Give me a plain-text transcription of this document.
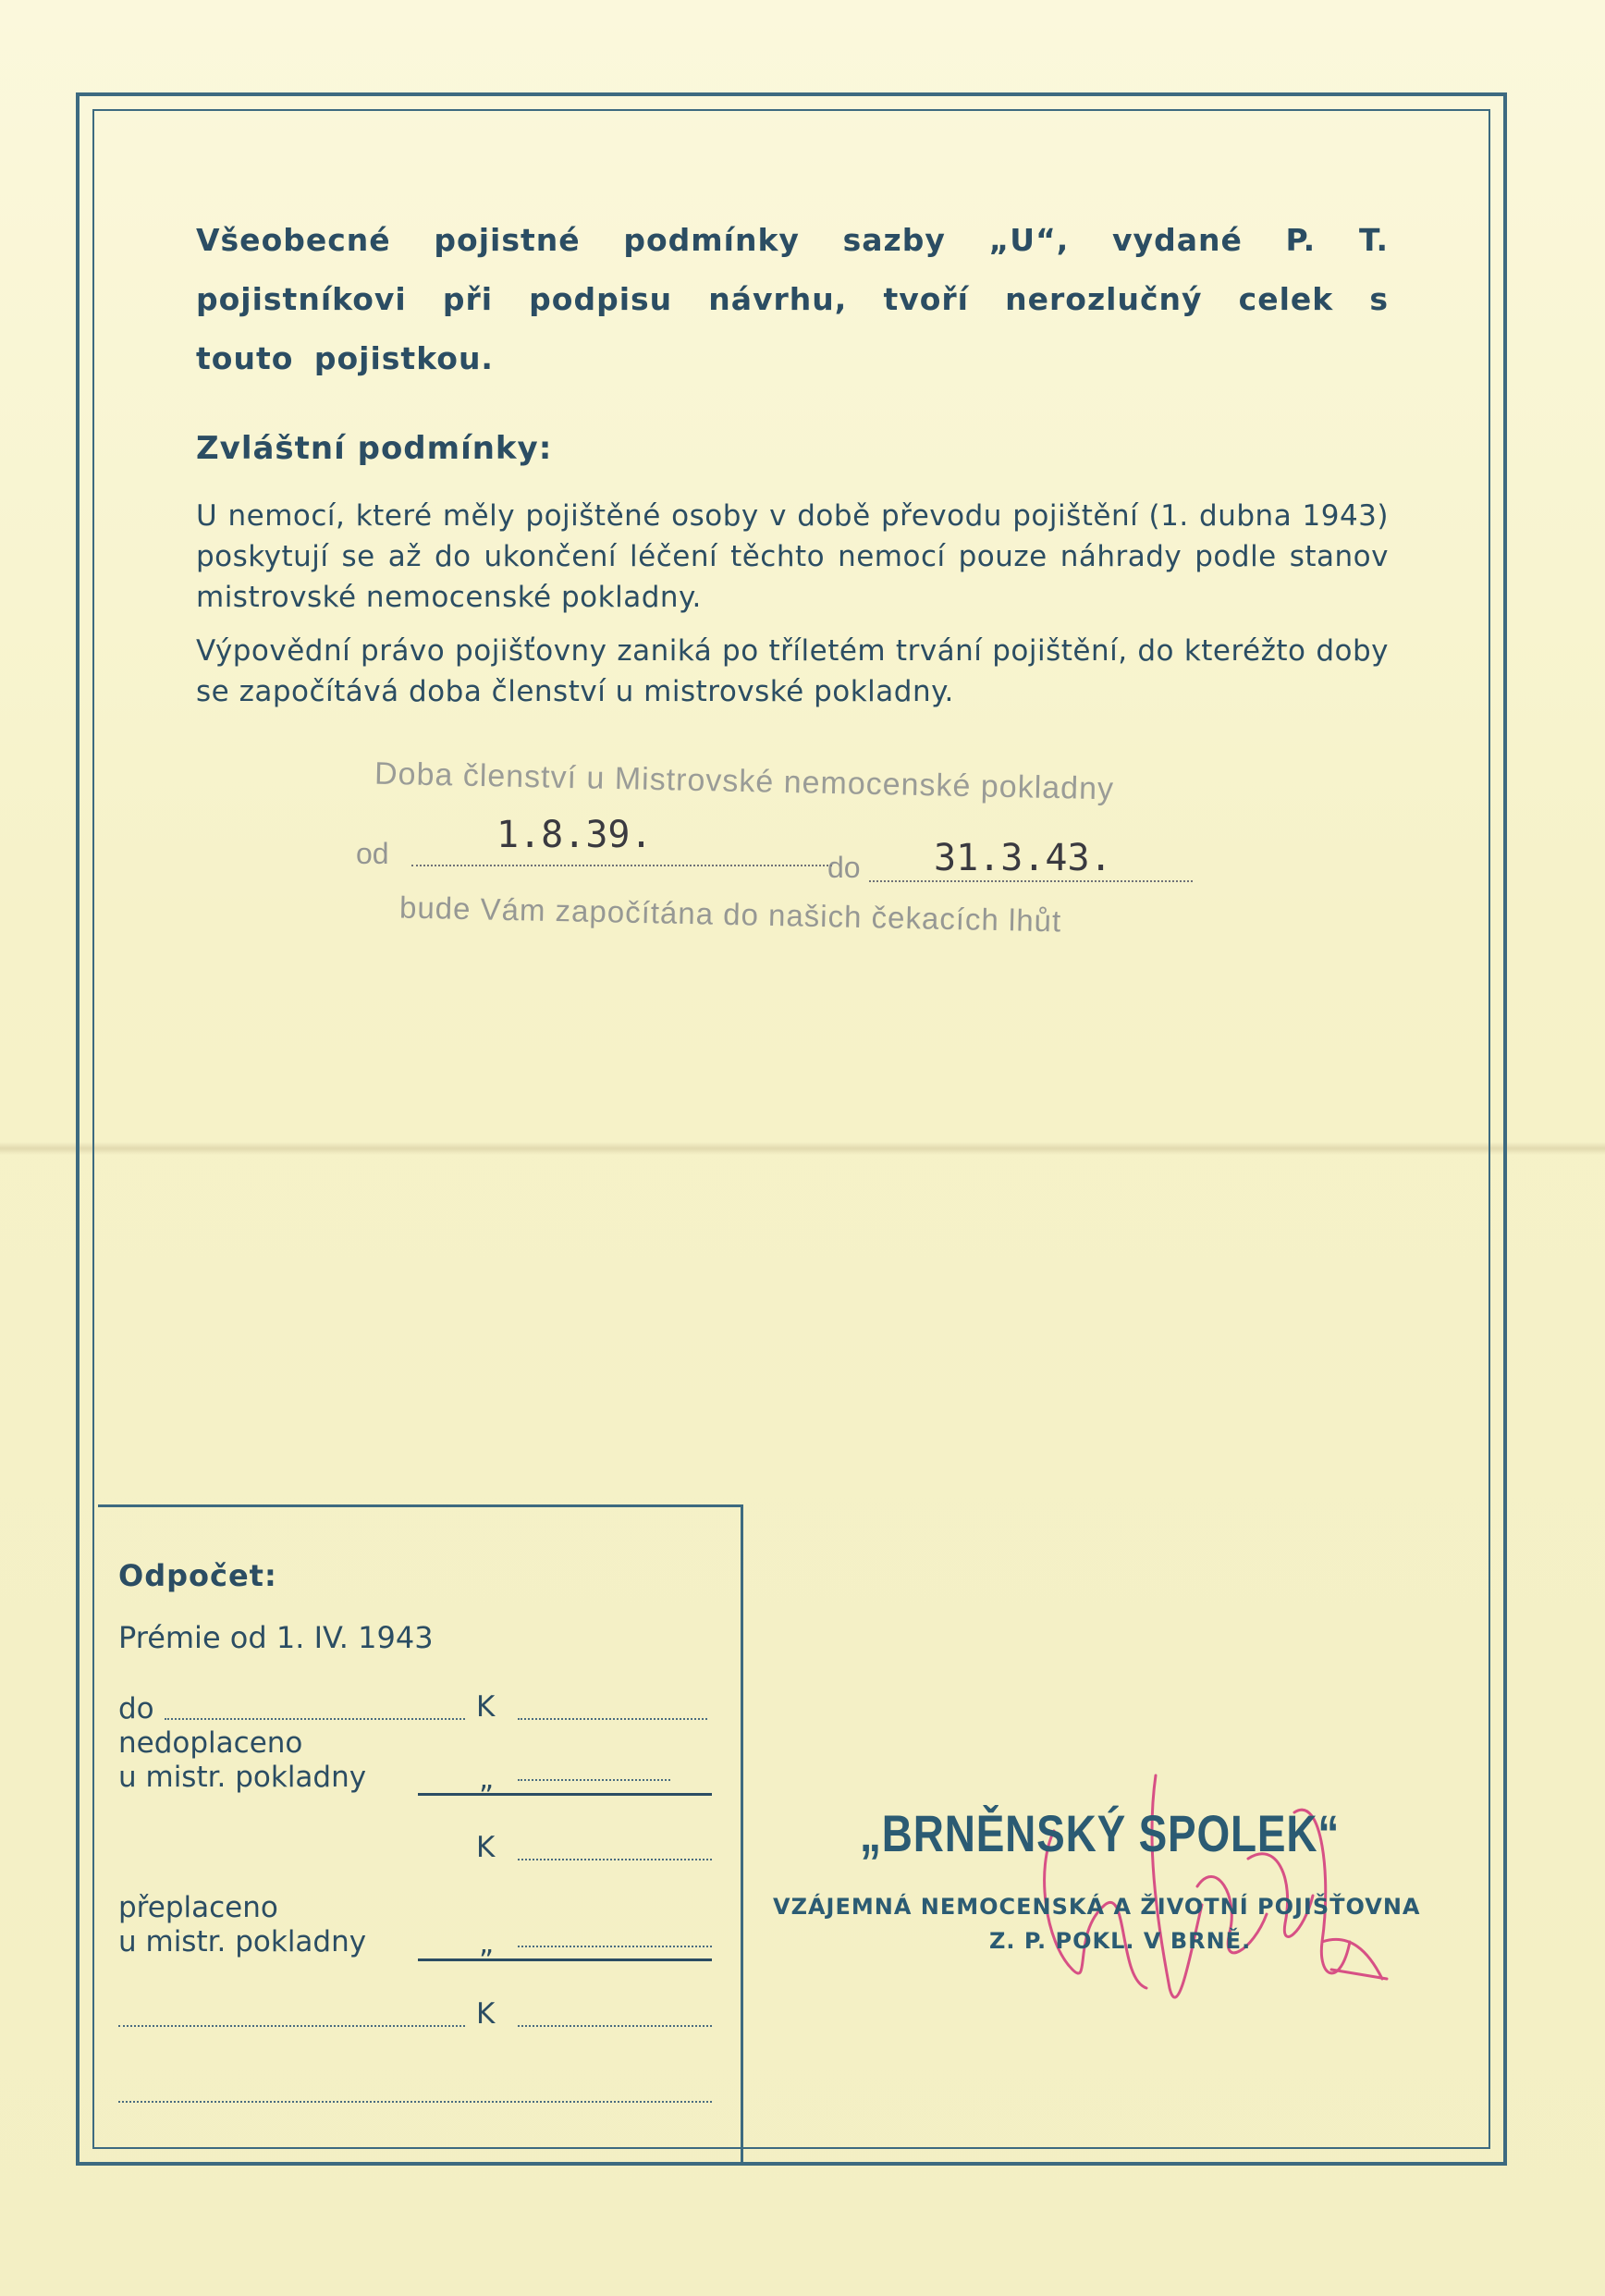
Všeobecné pojistné podmínky sazby „U“, vydané P. T. pojistníkovi při podpisu návrhu, tvoří nerozlučný celek s touto pojistkou.
Zvláštní podmínky:
U nemocí, které měly pojištěné osoby v době převodu pojištění (1. dubna 1943) poskytují se až do ukončení léčení těchto nemocí pouze náhrady podle stanov mistrovské nemocenské pokladny.
Výpovědní právo pojišťovny zaniká po tříletém trvání pojištění, do kteréžto doby se započítává doba členství u mistrovské pokladny.
Doba členství u Mistrovské nemocenské pokladny
od	1.8.39.
do 31.3.43.
bude Vám započítána do našich čekacích lhůt
Odpočet:
Prémie od 1. IV. 1943
do	K
nedoplaceno
u mistr. pokladny	„
K
přeplaceno
u mistr. pokladny	„
K
„BRNĚNSKÝ SPOLEK“
VZÁJEMNÁ NEMOCENSKÁ A ŽIVOTNÍ POJIŠŤOVNA
Z. P. POKL. V BRNĚ.
